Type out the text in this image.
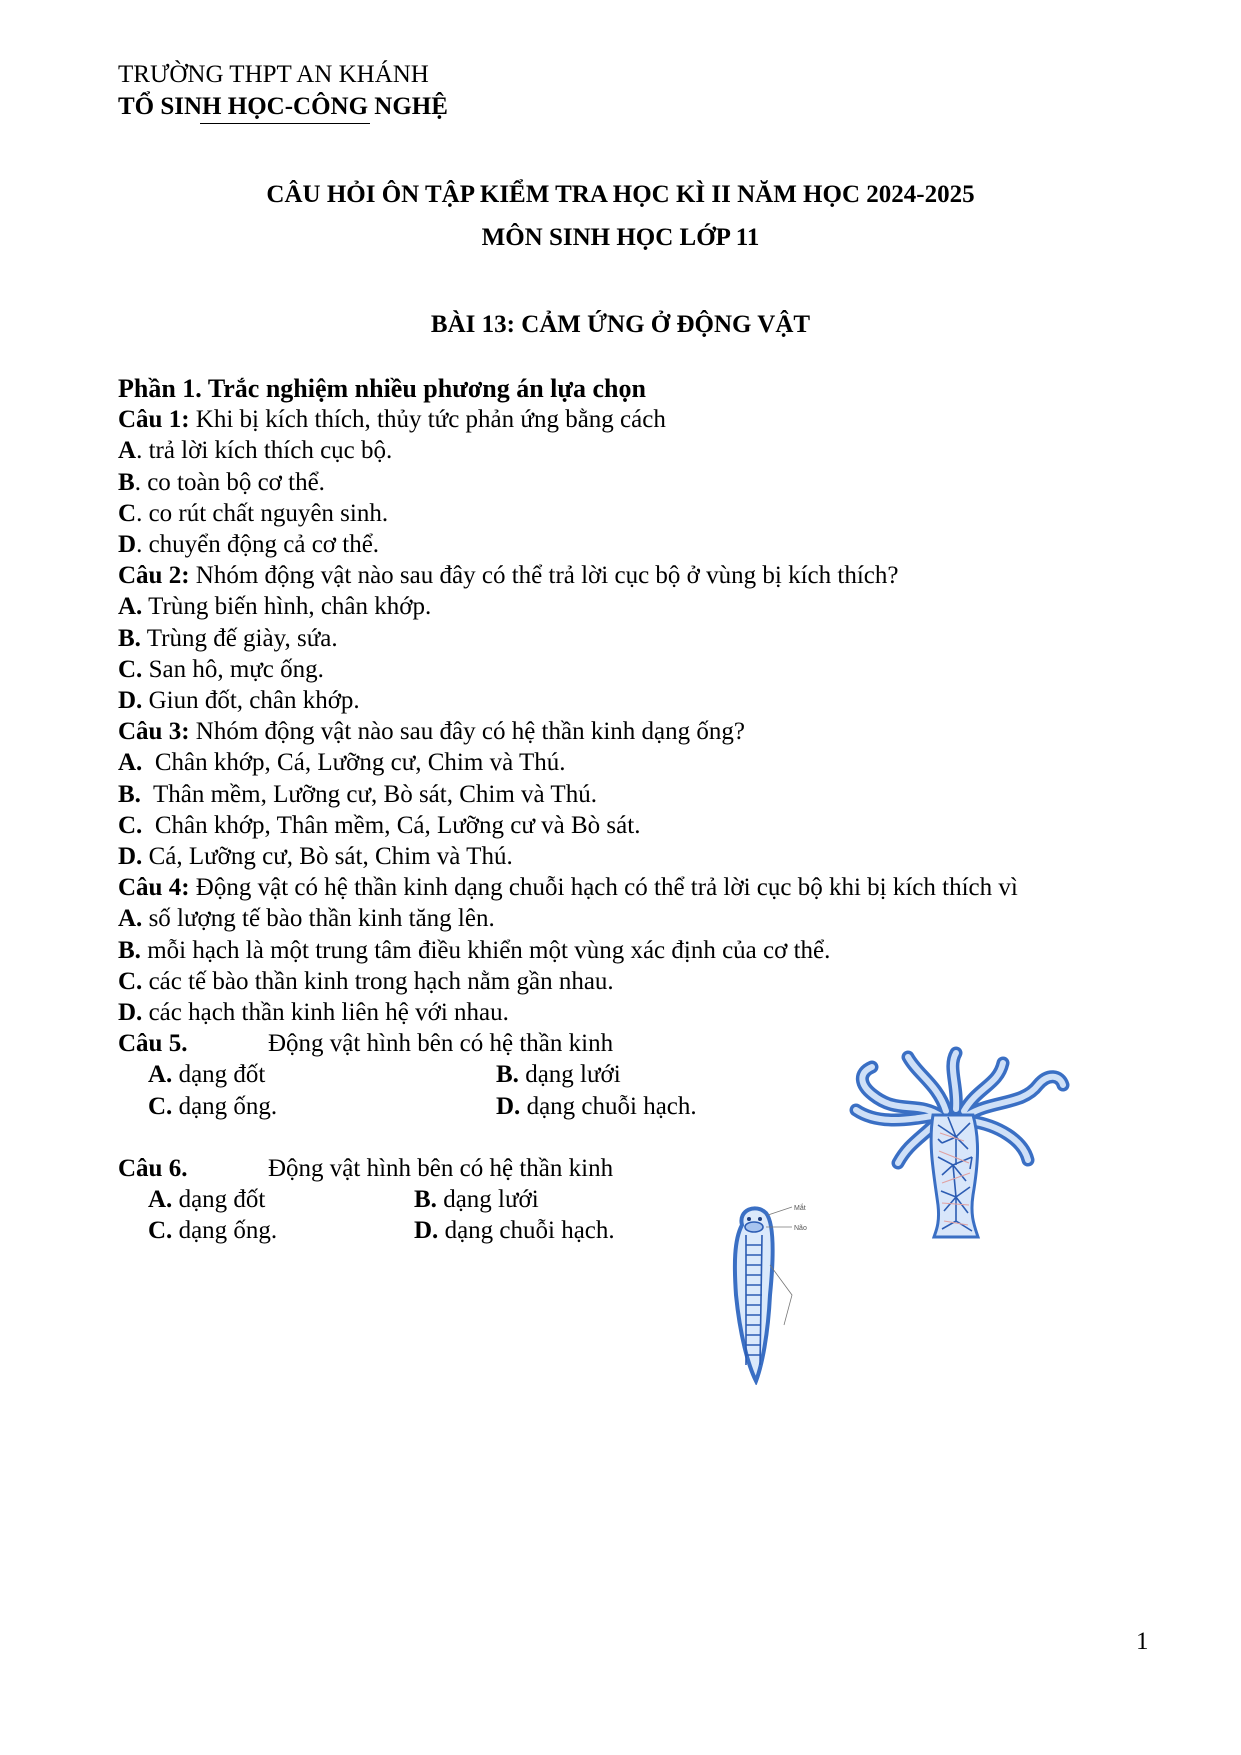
TRƯỜNG THPT AN KHÁNH
TỔ SINH HỌC-CÔNG NGHỆ
CÂU HỎI ÔN TẬP KIỂM TRA HỌC KÌ II NĂM HỌC 2024-2025
MÔN SINH HỌC LỚP 11
BÀI 13: CẢM ỨNG Ở ĐỘNG VẬT
Phần 1. Trắc nghiệm nhiều phương án lựa chọn
Câu 1: Khi bị kích thích, thủy tức phản ứng bằng cách
A. trả lời kích thích cục bộ.
B. co toàn bộ cơ thể.
C. co rút chất nguyên sinh.
D. chuyển động cả cơ thể.
Câu 2: Nhóm động vật nào sau đây có thể trả lời cục bộ ở vùng bị kích thích?
A. Trùng biến hình, chân khớp.
B. Trùng đế giày, sứa.
C. San hô, mực ống.
D. Giun đốt, chân khớp.
Câu 3: Nhóm động vật nào sau đây có hệ thần kinh dạng ống?
A.  Chân khớp, Cá, Lưỡng cư, Chim và Thú.
B.  Thân mềm, Lưỡng cư, Bò sát, Chim và Thú.
C.  Chân khớp, Thân mềm, Cá, Lưỡng cư và Bò sát.
D. Cá, Lưỡng cư, Bò sát, Chim và Thú.
Câu 4: Động vật có hệ thần kinh dạng chuỗi hạch có thể trả lời cục bộ khi bị kích thích vì
A. số lượng tế bào thần kinh tăng lên.
B. mỗi hạch là một trung tâm điều khiển một vùng xác định của cơ thể.
C. các tế bào thần kinh trong hạch nằm gần nhau.
D. các hạch thần kinh liên hệ với nhau.
Câu 5.	Động vật hình bên có hệ thần kinh
A. dạng đốt	B. dạng lưới
C. dạng ống.	D. dạng chuỗi hạch.
Câu 6.	Động vật hình bên có hệ thần kinh
A. dạng đốt	B. dạng lưới
C. dạng ống.	D. dạng chuỗi hạch.
Mắt
Não
1
